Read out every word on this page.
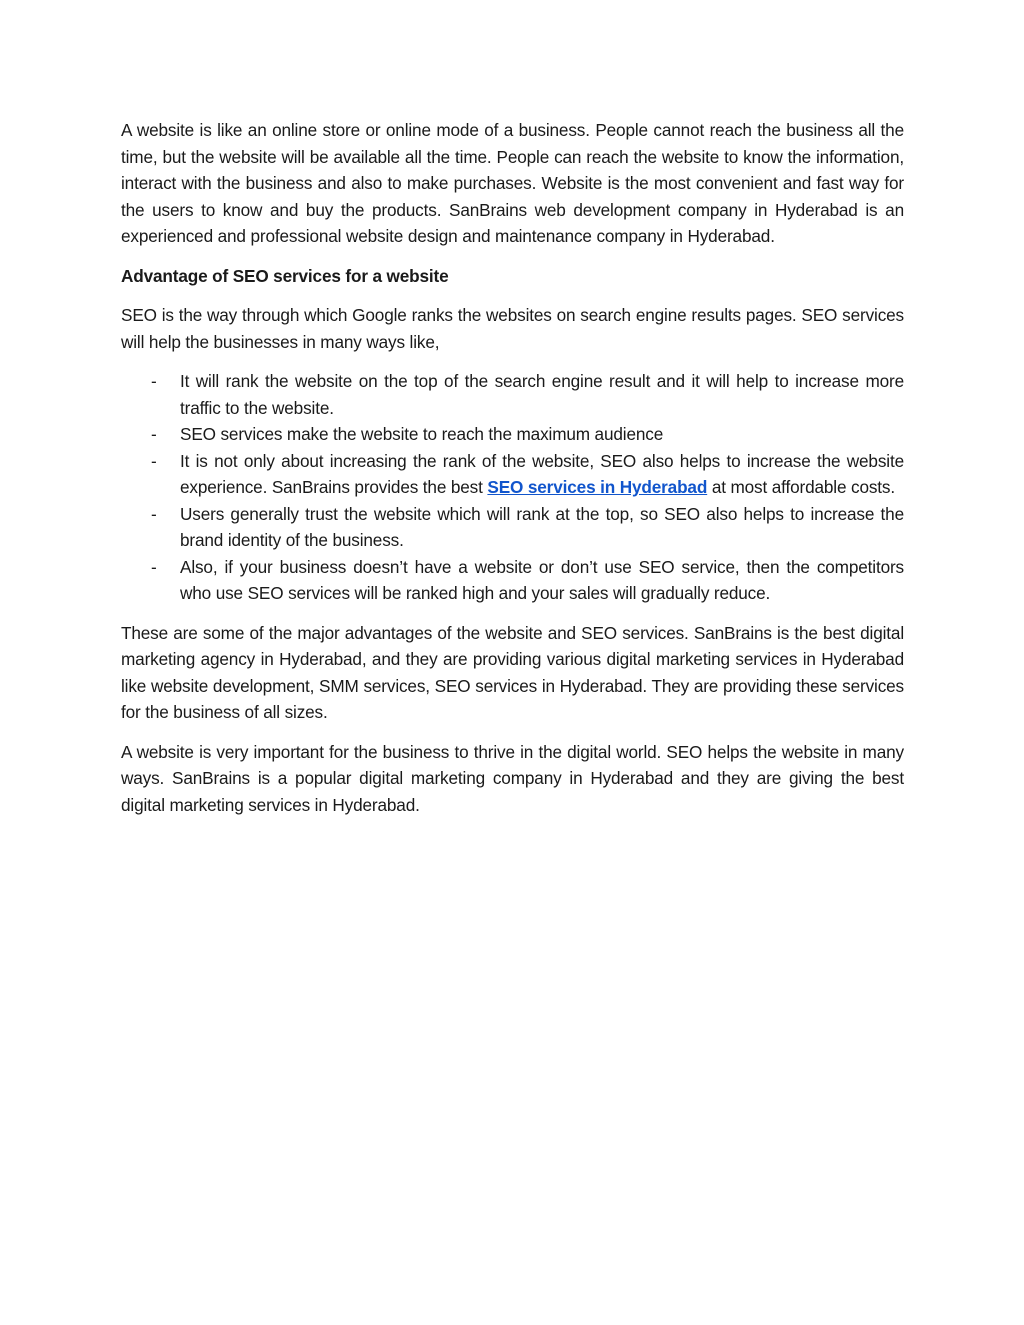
A website is like an online store or online mode of a business. People cannot reach the business all the time, but the website will be available all the time. People can reach the website to know the information, interact with the business and also to make purchases. Website is the most convenient and fast way for the users to know and buy the products. SanBrains web development company in Hyderabad is an experienced and professional website design and maintenance company in Hyderabad.

Advantage of SEO services for a website

SEO is the way through which Google ranks the websites on search engine results pages. SEO services will help the businesses in many ways like,

- It will rank the website on the top of the search engine result and it will help to increase more traffic to the website.
- SEO services make the website to reach the maximum audience
- It is not only about increasing the rank of the website, SEO also helps to increase the website experience. SanBrains provides the best SEO services in Hyderabad at most affordable costs.
- Users generally trust the website which will rank at the top, so SEO also helps to increase the brand identity of the business.
- Also, if your business doesn’t have a website or don’t use SEO service, then the competitors who use SEO services will be ranked high and your sales will gradually reduce.

These are some of the major advantages of the website and SEO services. SanBrains is the best digital marketing agency in Hyderabad, and they are providing various digital marketing services in Hyderabad like website development, SMM services, SEO services in Hyderabad. They are providing these services for the business of all sizes.

A website is very important for the business to thrive in the digital world. SEO helps the website in many ways. SanBrains is a popular digital marketing company in Hyderabad and they are giving the best digital marketing services in Hyderabad.
